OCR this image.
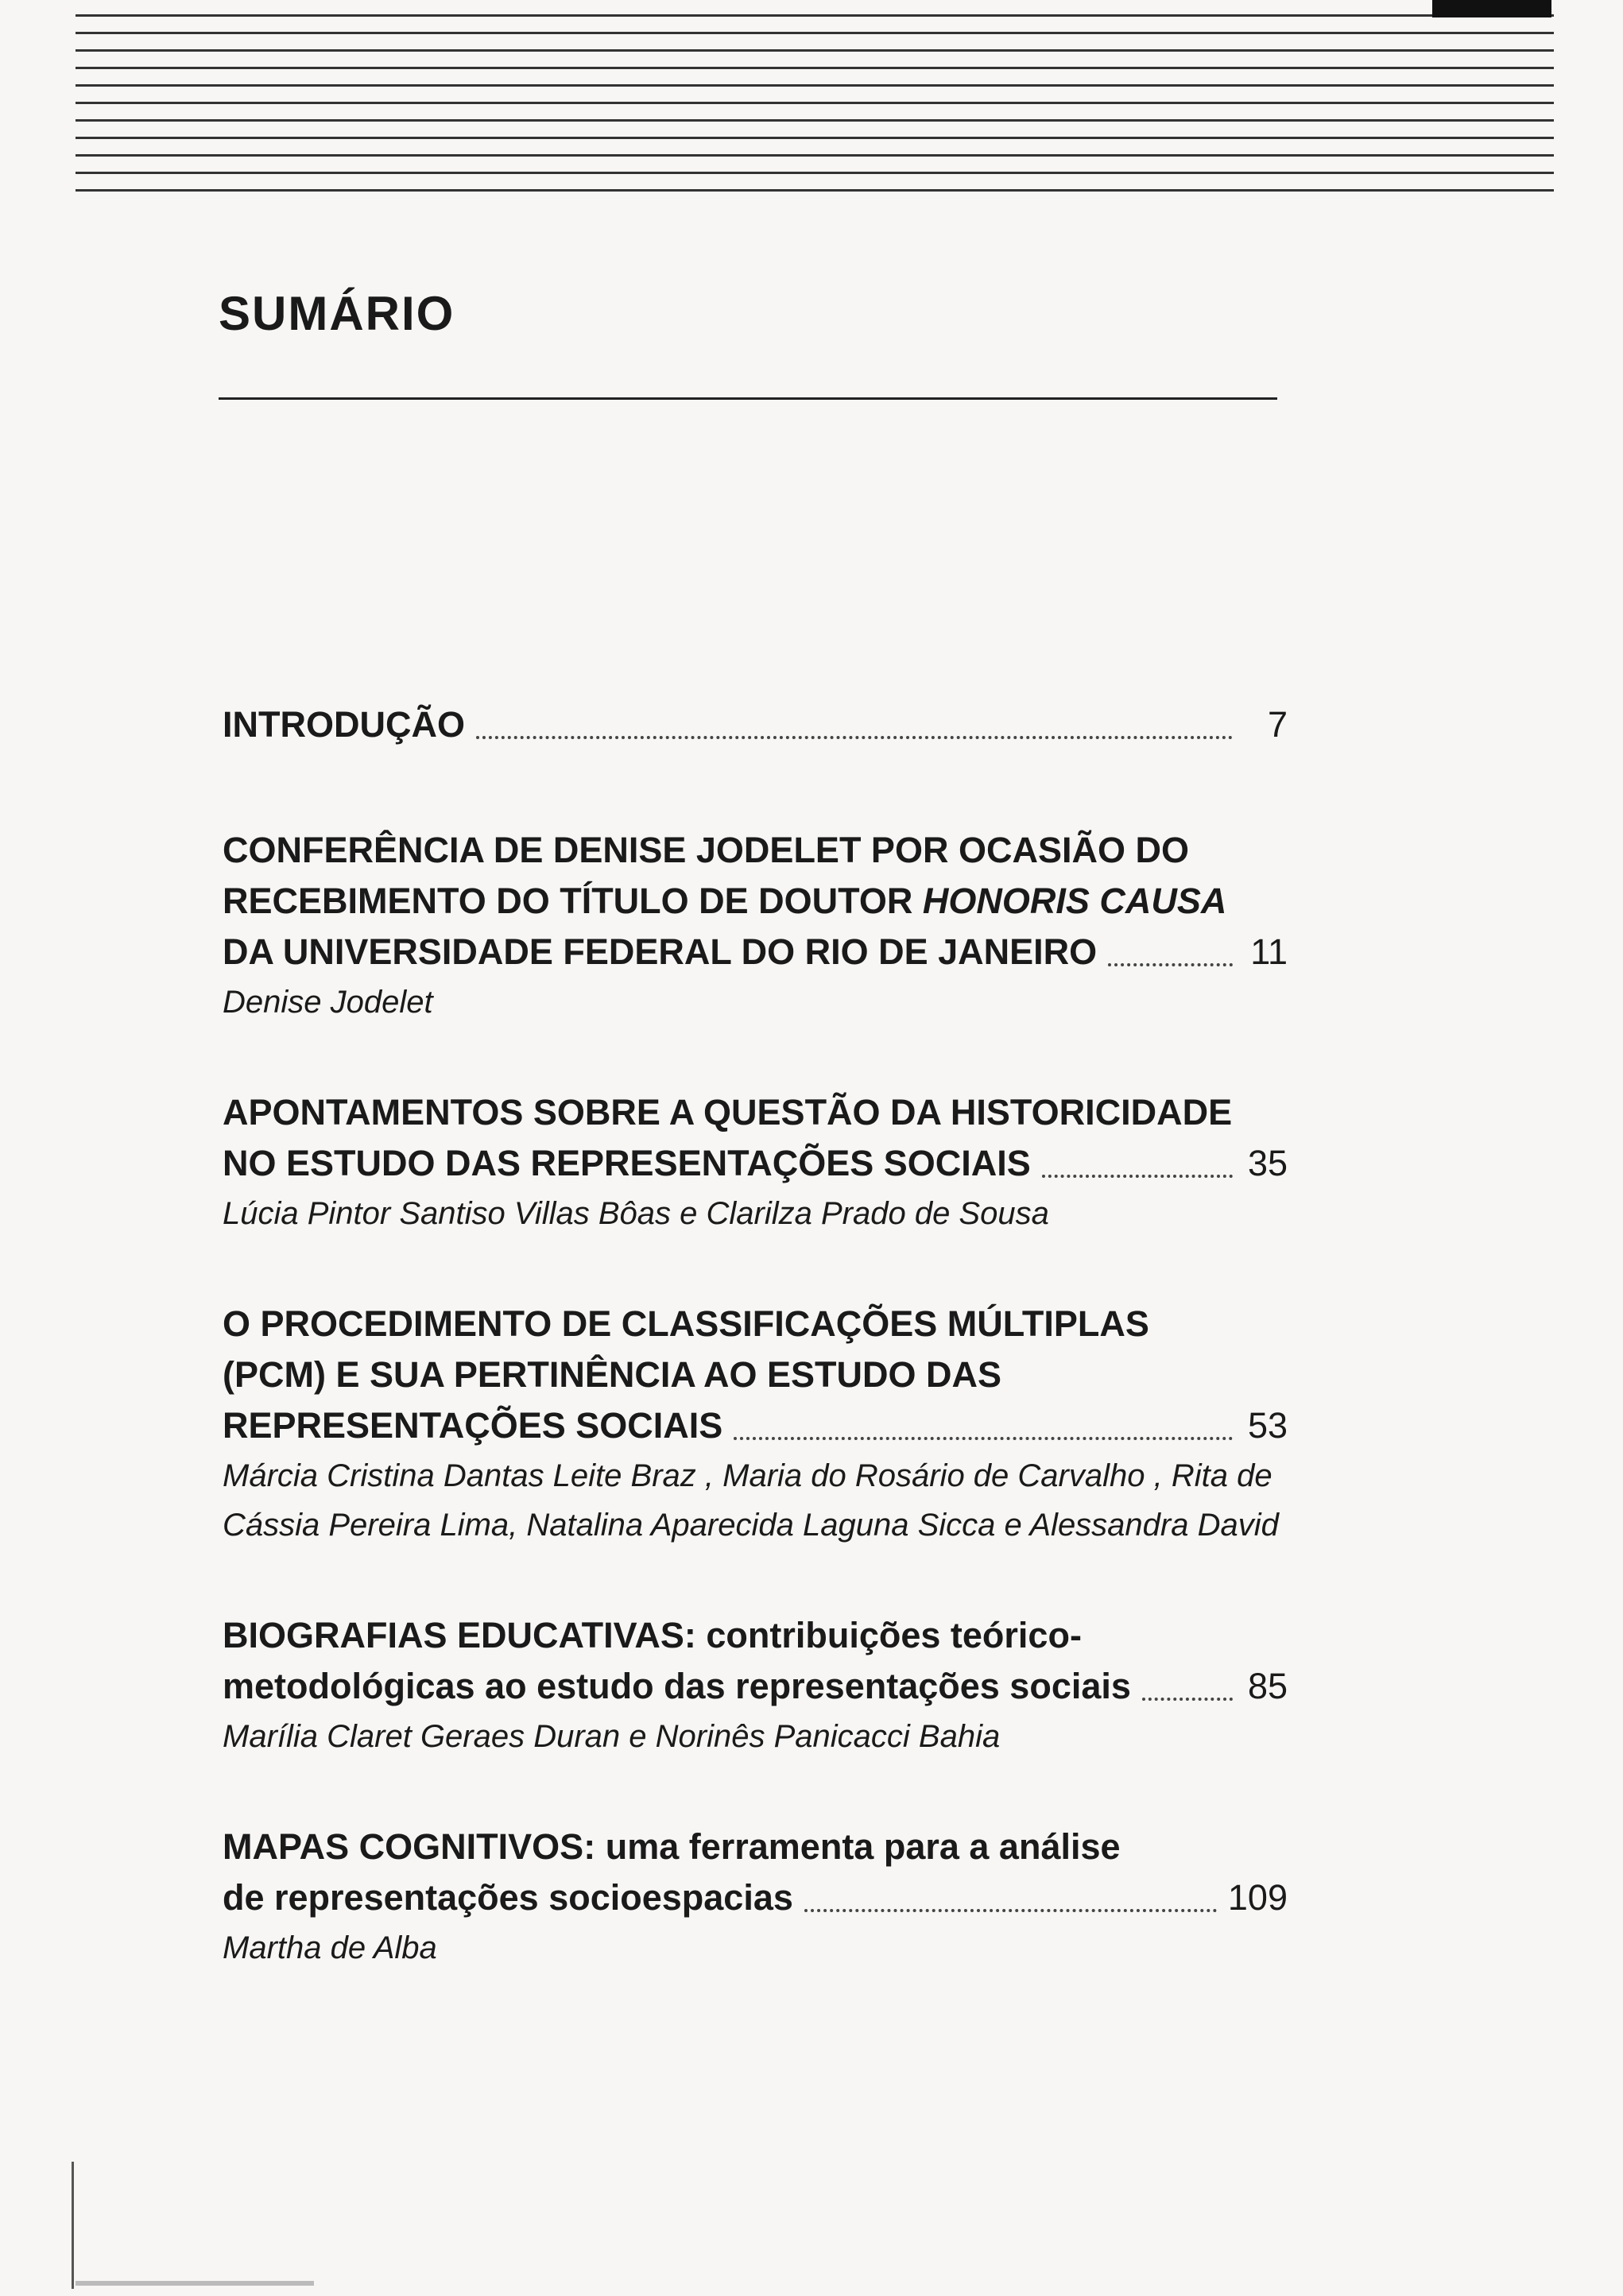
SUMÁRIO
INTRODUÇÃO	7
CONFERÊNCIA DE DENISE JODELET POR OCASIÃO DO
RECEBIMENTO DO TÍTULO DE DOUTOR
HONORIS CAUSA
DA UNIVERSIDADE FEDERAL DO RIO DE JANEIRO	11
Denise Jodelet
APONTAMENTOS SOBRE A QUESTÃO DA HISTORICIDADE
NO ESTUDO DAS REPRESENTAÇÕES SOCIAIS	35
Lúcia Pintor Santiso Villas Bôas e Clarilza Prado de Sousa
O PROCEDIMENTO DE CLASSIFICAÇÕES MÚLTIPLAS
(PCM) E SUA PERTINÊNCIA AO ESTUDO DAS
REPRESENTAÇÕES SOCIAIS	53
Márcia Cristina Dantas Leite Braz , Maria do Rosário de Carvalho , Rita de
Cássia Pereira Lima, Natalina Aparecida Laguna Sicca e Alessandra David
BIOGRAFIAS EDUCATIVAS:
contribuições teórico-
metodológicas ao estudo das representações sociais	85
Marília Claret Geraes Duran e Norinês Panicacci Bahia
MAPAS COGNITIVOS:
uma ferramenta para a análise
de representações socioespacias	109
Martha de Alba
